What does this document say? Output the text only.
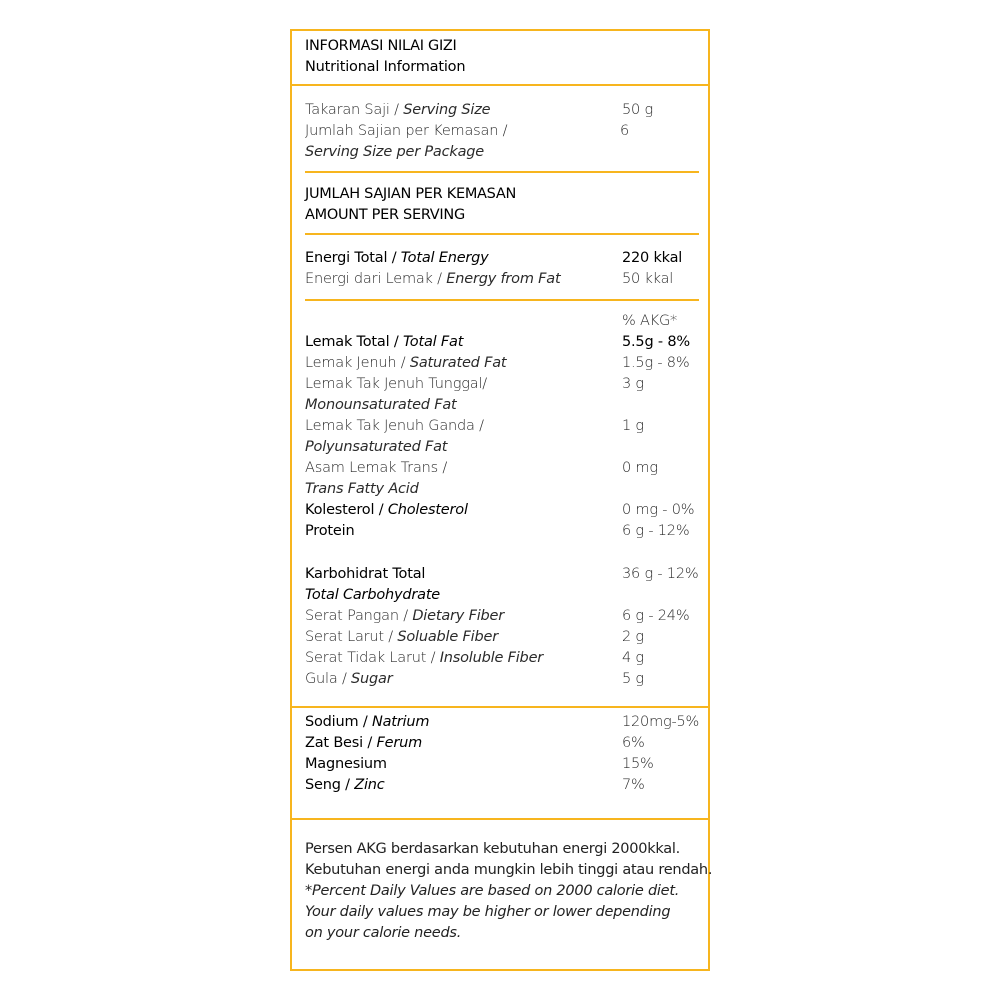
INFORMASI NILAI GIZI
Nutritional Information
Takaran Saji / Serving Size	50 g
Jumlah Sajian per Kemasan /	6
Serving Size per Package
JUMLAH SAJIAN PER KEMASAN
AMOUNT PER SERVING
Energi Total / Total Energy	220 kkal
Energi dari Lemak / Energy from Fat	50 kkal
% AKG*
Lemak Total / Total Fat	5.5g - 8%
Lemak Jenuh / Saturated Fat	1.5g - 8%
Lemak Tak Jenuh Tunggal/	3 g
Monounsaturated Fat
Lemak Tak Jenuh Ganda /	1 g
Polyunsaturated Fat
Asam Lemak Trans /	0 mg
Trans Fatty Acid
Kolesterol / Cholesterol	0 mg - 0%
Protein	6 g - 12%
Karbohidrat Total	36 g - 12%
Total Carbohydrate
Serat Pangan / Dietary Fiber	6 g - 24%
Serat Larut / Soluable Fiber	2 g
Serat Tidak Larut / Insoluble Fiber	4 g
Gula / Sugar	5 g
Sodium / Natrium	120mg-5%
Zat Besi / Ferum	6%
Magnesium	15%
Seng / Zinc	7%
Persen AKG berdasarkan kebutuhan energi 2000kkal.
Kebutuhan energi anda mungkin lebih tinggi atau rendah.
*Percent Daily Values are based on 2000 calorie diet.
Your daily values may be higher or lower depending
on your calorie needs.
